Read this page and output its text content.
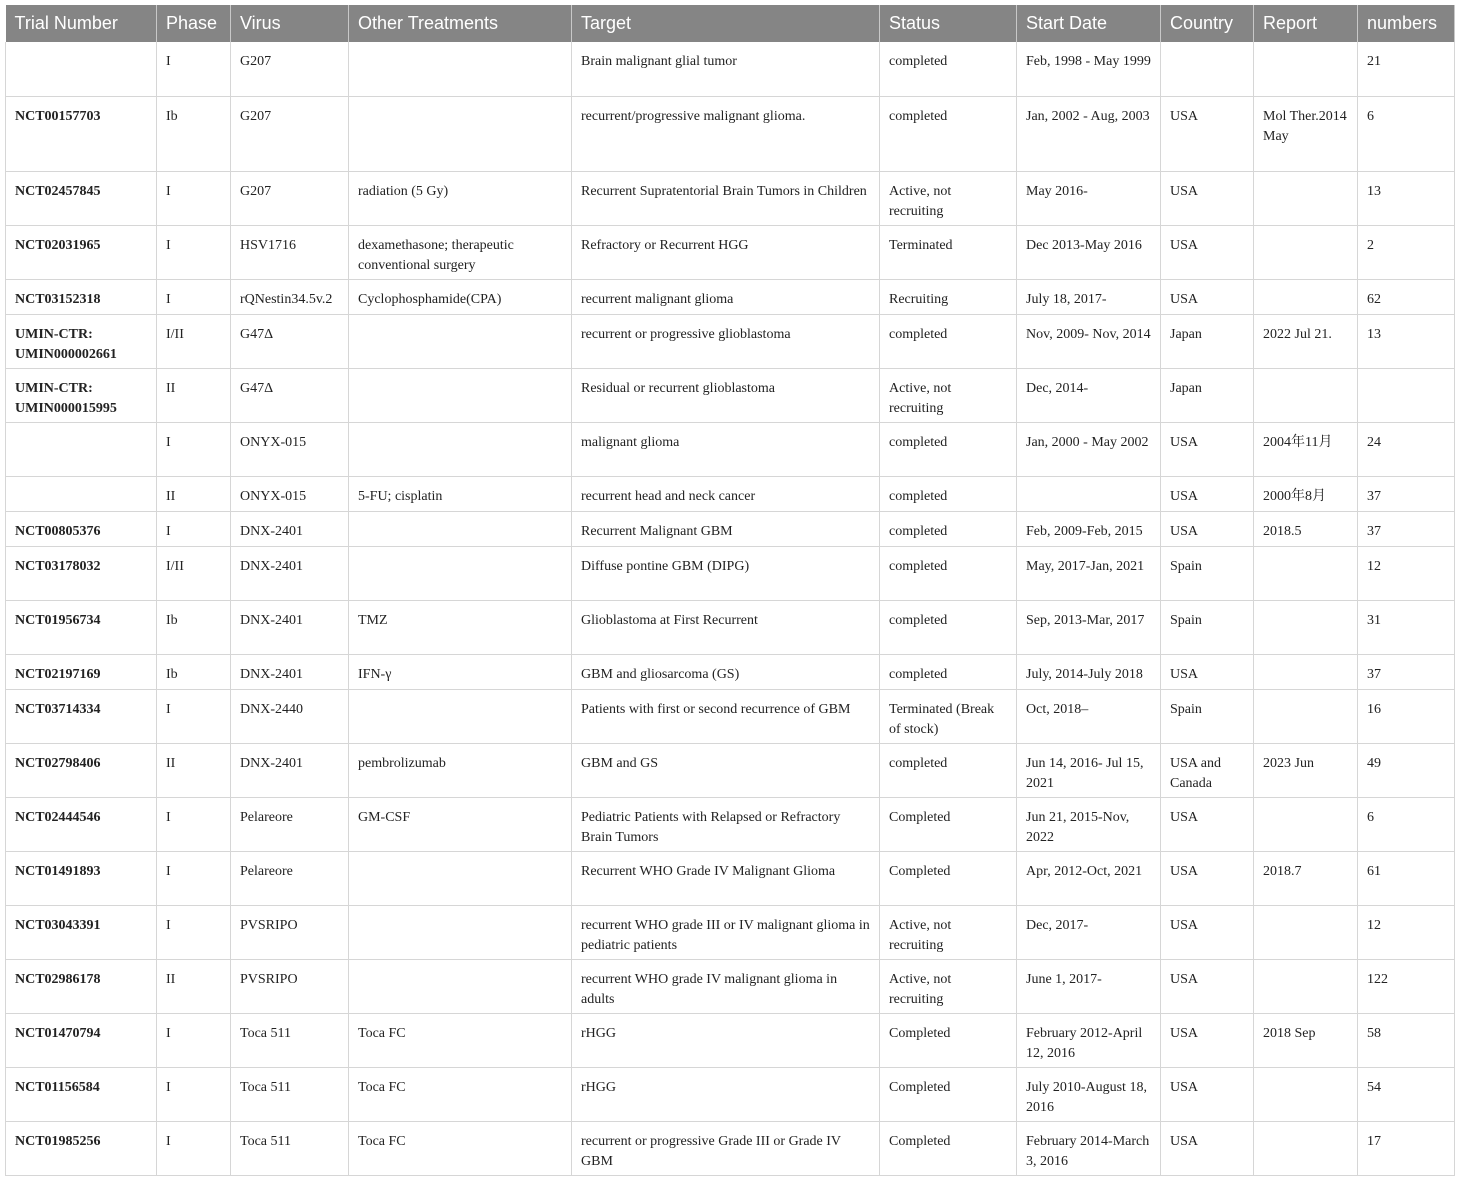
Trial Number	Phase	Virus	Other Treatments	Target	Status	Start Date	Country	Report	numbers
	I	G207		Brain malignant glial tumor	completed	Feb, 1998 - May 1999			21
NCT00157703	Ib	G207		recurrent/progressive malignant glioma.	completed	Jan, 2002 - Aug, 2003	USA	Mol Ther.2014 May	6
NCT02457845	I	G207	radiation (5 Gy)	Recurrent Supratentorial Brain Tumors in Children	Active, not recruiting	May 2016-	USA		13
NCT02031965	I	HSV1716	dexamethasone; therapeutic conventional surgery	Refractory or Recurrent HGG	Terminated	Dec 2013-May 2016	USA		2
NCT03152318	I	rQNestin34.5v.2	Cyclophosphamide(CPA)	recurrent malignant glioma	Recruiting	July 18, 2017-	USA		62
UMIN-CTR: UMIN000002661	I/II	G47Δ		recurrent or progressive glioblastoma	completed	Nov, 2009- Nov, 2014	Japan	2022 Jul 21.	13
UMIN-CTR: UMIN000015995	II	G47Δ		Residual or recurrent glioblastoma	Active, not recruiting	Dec, 2014-	Japan		
	I	ONYX-015		malignant glioma	completed	Jan, 2000 - May 2002	USA	2004年11月	24
	II	ONYX-015	5-FU; cisplatin	recurrent head and neck cancer	completed		USA	2000年8月	37
NCT00805376	I	DNX-2401		Recurrent Malignant GBM	completed	Feb, 2009-Feb, 2015	USA	2018.5	37
NCT03178032	I/II	DNX-2401		Diffuse pontine GBM (DIPG)	completed	May, 2017-Jan, 2021	Spain		12
NCT01956734	Ib	DNX-2401	TMZ	Glioblastoma at First Recurrent	completed	Sep, 2013-Mar, 2017	Spain		31
NCT02197169	Ib	DNX-2401	IFN-γ	GBM and gliosarcoma (GS)	completed	July, 2014-July 2018	USA		37
NCT03714334	I	DNX-2440		Patients with first or second recurrence of GBM	Terminated (Break of stock)	Oct, 2018–	Spain		16
NCT02798406	II	DNX-2401	pembrolizumab	GBM and GS	completed	Jun 14, 2016- Jul 15, 2021	USA and Canada	2023 Jun	49
NCT02444546	I	Pelareore	GM-CSF	Pediatric Patients with Relapsed or Refractory Brain Tumors	Completed	Jun 21, 2015-Nov, 2022	USA		6
NCT01491893	I	Pelareore		Recurrent WHO Grade IV Malignant Glioma	Completed	Apr, 2012-Oct, 2021	USA	2018.7	61
NCT03043391	I	PVSRIPO		recurrent WHO grade III or IV malignant glioma in pediatric patients	Active, not recruiting	Dec, 2017-	USA		12
NCT02986178	II	PVSRIPO		recurrent WHO grade IV malignant glioma in adults	Active, not recruiting	June 1, 2017-	USA		122
NCT01470794	I	Toca 511	Toca FC	rHGG	Completed	February 2012-April 12, 2016	USA	2018 Sep	58
NCT01156584	I	Toca 511	Toca FC	rHGG	Completed	July 2010-August 18, 2016	USA		54
NCT01985256	I	Toca 511	Toca FC	recurrent or progressive Grade III or Grade IV GBM	Completed	February 2014-March 3, 2016	USA		17
